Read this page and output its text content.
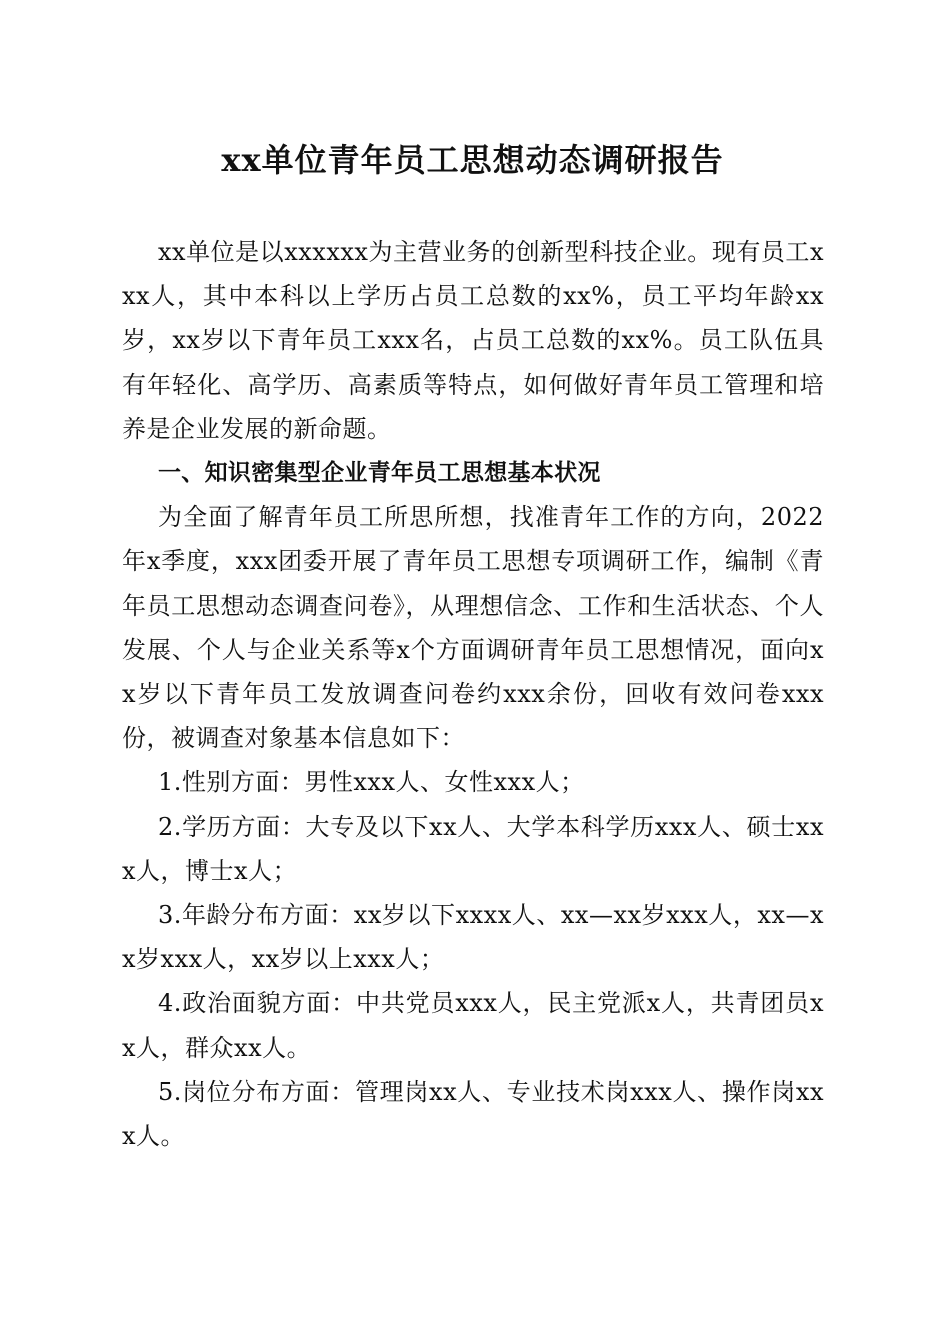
xx单位青年员工思想动态调研报告

xx单位是以xxxxxx为主营业务的创新型科技企业。现有员工xxx人，其中本科以上学历占员工总数的xx%，员工平均年龄xx岁，xx岁以下青年员工xxx名，占员工总数的xx%。员工队伍具有年轻化、高学历、高素质等特点，如何做好青年员工管理和培养是企业发展的新命题。

一、知识密集型企业青年员工思想基本状况

为全面了解青年员工所思所想，找准青年工作的方向，2022年x季度，xxx团委开展了青年员工思想专项调研工作，编制《青年员工思想动态调查问卷》，从理想信念、工作和生活状态、个人发展、个人与企业关系等x个方面调研青年员工思想情况，面向xx岁以下青年员工发放调查问卷约xxx余份，回收有效问卷xxx份，被调查对象基本信息如下：

1.性别方面：男性xxx人、女性xxx人；

2.学历方面：大专及以下xx人、大学本科学历xxx人、硕士xxx人，博士x人；

3.年龄分布方面：xx岁以下xxxx人、xx—xx岁xxx人，xx—xx岁xxx人，xx岁以上xxx人；

4.政治面貌方面：中共党员xxx人，民主党派x人，共青团员xx人，群众xx人。

5.岗位分布方面：管理岗xx人、专业技术岗xxx人、操作岗xxx人。
